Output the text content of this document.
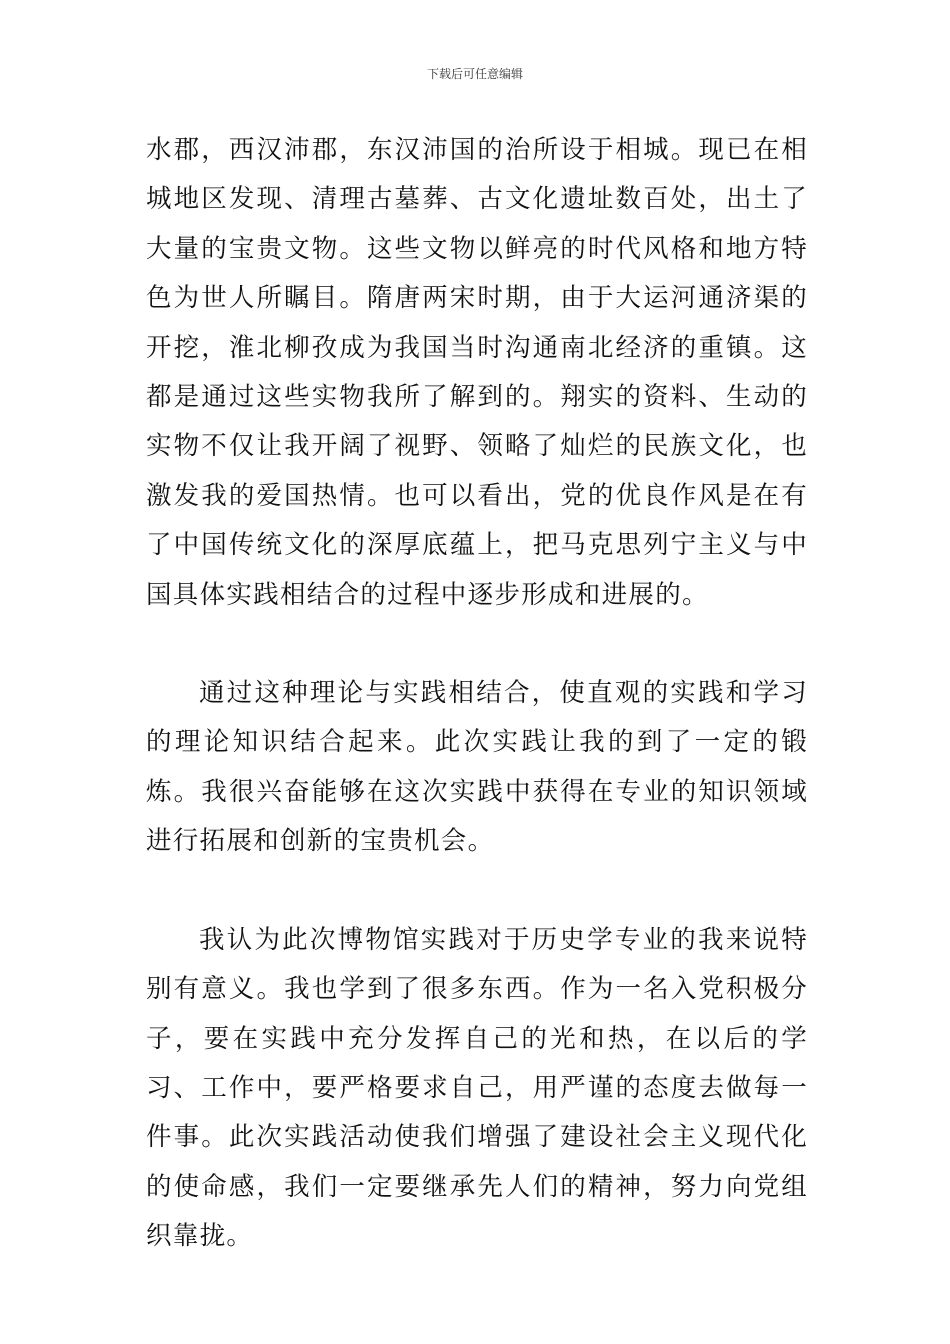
下载后可任意编辑

水郡，西汉沛郡，东汉沛国的治所设于相城。现已在相城地区发现、清理古墓葬、古文化遗址数百处，出土了大量的宝贵文物。这些文物以鲜亮的时代风格和地方特色为世人所瞩目。隋唐两宋时期，由于大运河通济渠的开挖，淮北柳孜成为我国当时沟通南北经济的重镇。这都是通过这些实物我所了解到的。翔实的资料、生动的实物不仅让我开阔了视野、领略了灿烂的民族文化，也激发我的爱国热情。也可以看出，党的优良作风是在有了中国传统文化的深厚底蕴上，把马克思列宁主义与中国具体实践相结合的过程中逐步形成和进展的。

通过这种理论与实践相结合，使直观的实践和学习的理论知识结合起来。此次实践让我的到了一定的锻炼。我很兴奋能够在这次实践中获得在专业的知识领域进行拓展和创新的宝贵机会。

我认为此次博物馆实践对于历史学专业的我来说特别有意义。我也学到了很多东西。作为一名入党积极分子，要在实践中充分发挥自己的光和热，在以后的学习、工作中，要严格要求自己，用严谨的态度去做每一件事。此次实践活动使我们增强了建设社会主义现代化的使命感，我们一定要继承先人们的精神，努力向党组织靠拢。
